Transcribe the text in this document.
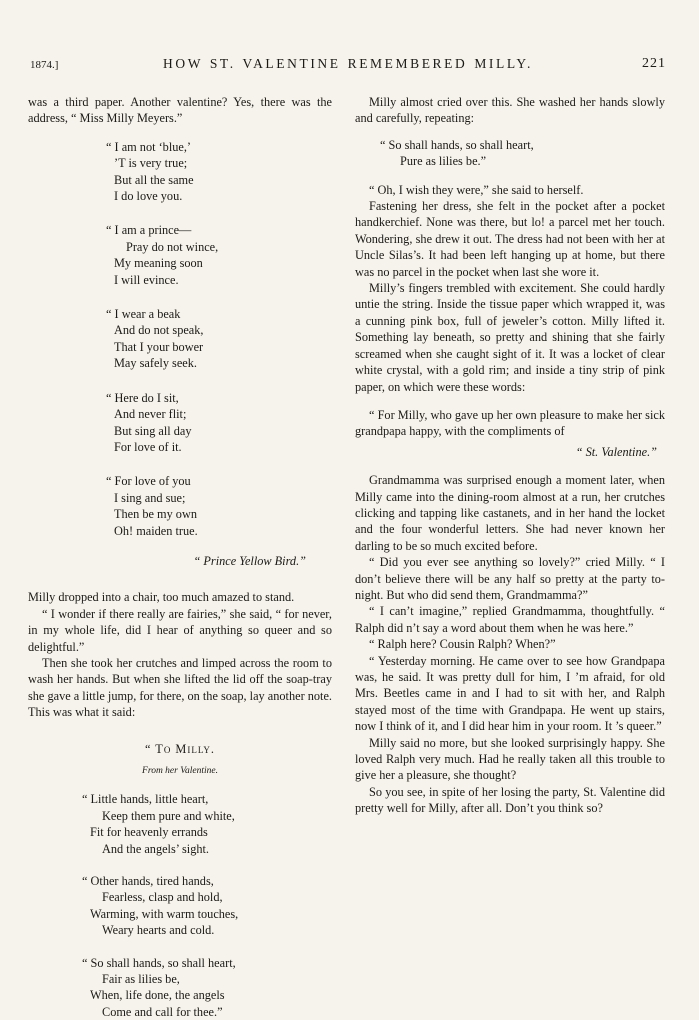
1874.]	HOW ST. VALENTINE REMEMBERED MILLY.	221

was a third paper. Another valentine? Yes, there was the address, “ Miss Milly Meyers.”

“ I am not ‘blue,’
’T is very true;
But all the same
I do love you.
“ I am a prince—
Pray do not wince,
My meaning soon
I will evince.
“ I wear a beak
And do not speak,
That I your bower
May safely seek.
“ Here do I sit,
And never flit;
But sing all day
For love of it.
“ For love of you
I sing and sue;
Then be my own
Oh! maiden true.
“ Prince Yellow Bird.”

Milly dropped into a chair, too much amazed to stand.

“ I wonder if there really are fairies,” she said, “ for never, in my whole life, did I hear of anything so queer and so delightful.”

Then she took her crutches and limped across the room to wash her hands. But when she lifted the lid off the soap-tray she gave a little jump, for there, on the soap, lay another note. This was what it said:

“ To Milly.
From her Valentine.
“ Little hands, little heart,
Keep them pure and white,
Fit for heavenly errands
And the angels’ sight.
“ Other hands, tired hands,
Fearless, clasp and hold,
Warming, with warm touches,
Weary hearts and cold.
“ So shall hands, so shall heart,
Fair as lilies be,
When, life done, the angels
Come and call for thee.”

Milly almost cried over this. She washed her hands slowly and carefully, repeating:

“ So shall hands, so shall heart,
Pure as lilies be.”

“ Oh, I wish they were,” she said to herself.

Fastening her dress, she felt in the pocket after a pocket handkerchief. None was there, but lo! a parcel met her touch. Wondering, she drew it out. The dress had not been with her at Uncle Silas’s. It had been left hanging up at home, but there was no parcel in the pocket when last she wore it.

Milly’s fingers trembled with excitement. She could hardly untie the string. Inside the tissue paper which wrapped it, was a cunning pink box, full of jeweler’s cotton. Milly lifted it. Something lay beneath, so pretty and shining that she fairly screamed when she caught sight of it. It was a locket of clear white crystal, with a gold rim; and inside a tiny strip of pink paper, on which were these words:

“ For Milly, who gave up her own pleasure to make her sick grandpapa happy, with the compliments of

“ St. Valentine.”

Grandmamma was surprised enough a moment later, when Milly came into the dining-room almost at a run, her crutches clicking and tapping like castanets, and in her hand the locket and the four wonderful letters. She had never known her darling to be so much excited before.

“ Did you ever see anything so lovely?” cried Milly. “ I don’t believe there will be any half so pretty at the party to-night. But who did send them, Grandmamma?”

“ I can’t imagine,” replied Grandmamma, thoughtfully. “ Ralph did n’t say a word about them when he was here.”

“ Ralph here? Cousin Ralph? When?”

“ Yesterday morning. He came over to see how Grandpapa was, he said. It was pretty dull for him, I ’m afraid, for old Mrs. Beetles came in and I had to sit with her, and Ralph stayed most of the time with Grandpapa. He went up stairs, now I think of it, and I did hear him in your room. It ’s queer.”

Milly said no more, but she looked surprisingly happy. She loved Ralph very much. Had he really taken all this trouble to give her a pleasure, she thought?

So you see, in spite of her losing the party, St. Valentine did pretty well for Milly, after all. Don’t you think so?
